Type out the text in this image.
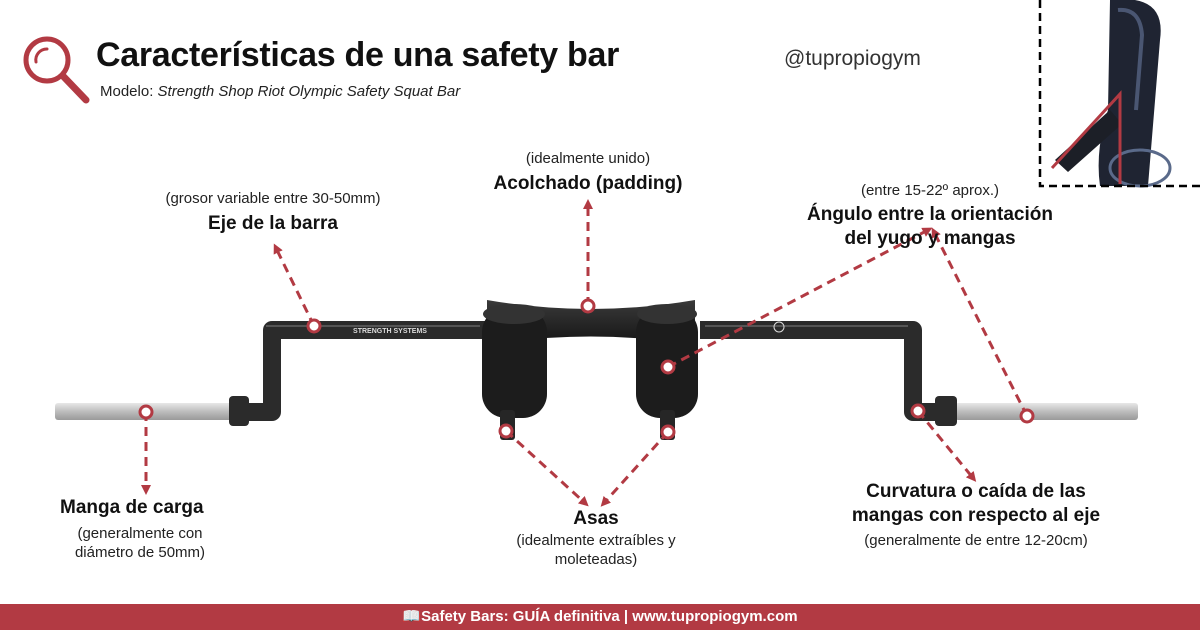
STRENGTH SYSTEMS
Características de una safety bar
Modelo: Strength Shop Riot Olympic Safety Squat Bar
@tupropiogym
(grosor variable entre 30-50mm)
Eje de la barra
(idealmente unido)
Acolchado (padding)	(entre 15-22º aprox.)
Ángulo entre la orientación
del yugo y mangas
Manga de carga
(generalmente con
diámetro de 50mm)
Asas
(idealmente extraíbles y
moleteadas)
Curvatura o caída de las
mangas con respecto al eje
(generalmente de entre 12-20cm)
📖Safety Bars: GUÍA definitiva | www.tupropiogym.com
